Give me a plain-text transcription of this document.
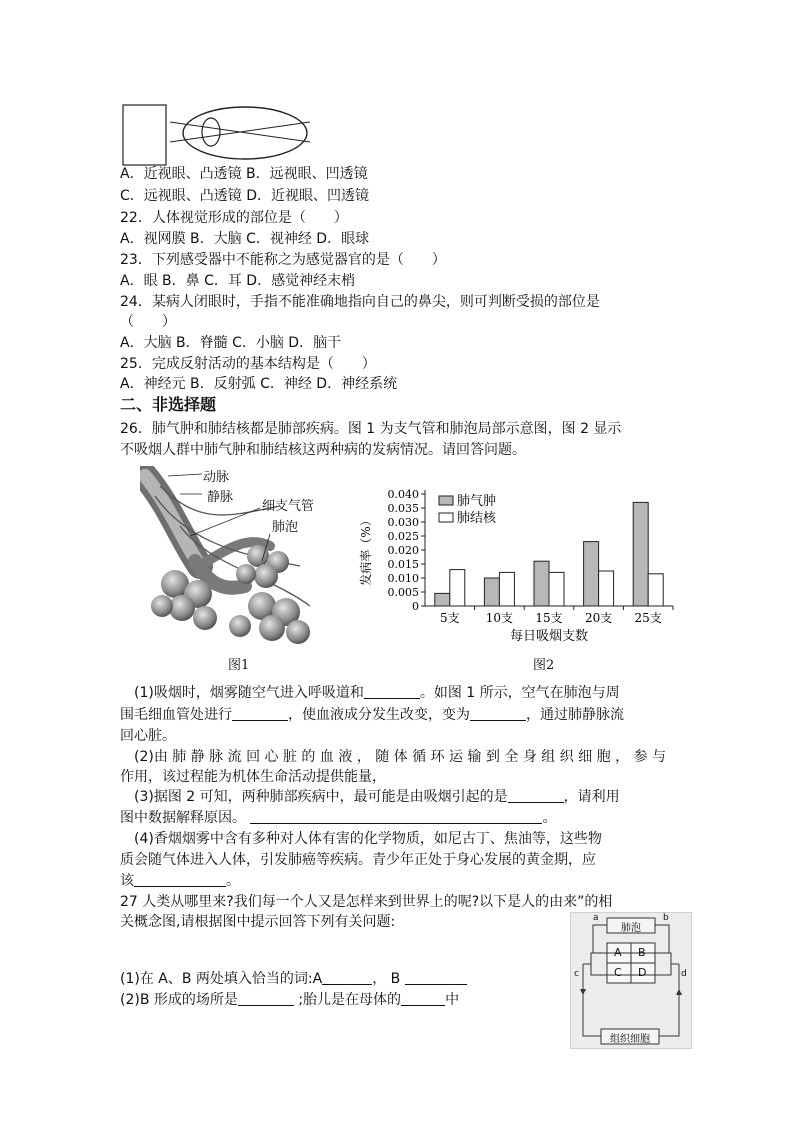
A．近视眼、凸透镜 B．远视眼、凹透镜
C．远视眼、凸透镜 D．近视眼、凹透镜
22．人体视觉形成的部位是（　　）
A．视网膜 B．大脑 C．视神经 D．眼球
23．下列感受器中不能称之为感觉器官的是（　　）
A．眼 B．鼻 C．耳 D．感觉神经末梢
24．某病人闭眼时，手指不能准确地指向自己的鼻尖，则可判断受损的部位是
（　　）
A．大脑 B．脊髓 C．小脑 D．脑干
25．完成反射活动的基本结构是（　　）
A．神经元 B．反射弧 C．神经 D．神经系统
二、非选择题
26．肺气肿和肺结核都是肺部疾病。图 1 为支气管和肺泡局部示意图，图 2 显示
不吸烟人群中肺气肿和肺结核这两种病的发病情况。请回答问题。
动脉
静脉
细支气管
肺泡
图1
0
0.005
0.010
0.015
0.020
0.025
0.030
0.035
0.040
发病率（%）
5支 10支 15支 20支 25支
每日吸烟支数
肺气肿
肺结核
图2
(1)吸烟时，烟雾随空气进入呼吸道和	。如图 1 所示，空气在肺泡与周
围毛细血管处进行	，使血液成分发生改变，变为	，通过肺静脉流
回心脏。
(2)由 肺 静 脉 流 回 心 脏 的 血 液 ， 随 体 循 环 运 输 到 全 身 组 织 细 胞 ， 参 与
作用，该过程能为机体生命活动提供能量，
(3)据图 2 可知，两种肺部疾病中，最可能是由吸烟引起的是	，请利用
图中数据解释原因。	。
(4)香烟烟雾中含有多种对人体有害的化学物质，如尼古丁、焦油等，这些物
质会随气体进入人体，引发肺癌等疾病。青少年正处于身心发展的黄金期，应
该	。
27 人类从哪里来?我们每一个人又是怎样来到世界上的呢?以下是人的由来”的相
关概念图,请根据图中提示回答下列有关问题:
(1)在 A、B 两处填入恰当的词:A	， B
(2)B 形成的场所是	;胎儿是在母体的	中
肺泡
组织细胞
A B
C D
a	b
c	d
